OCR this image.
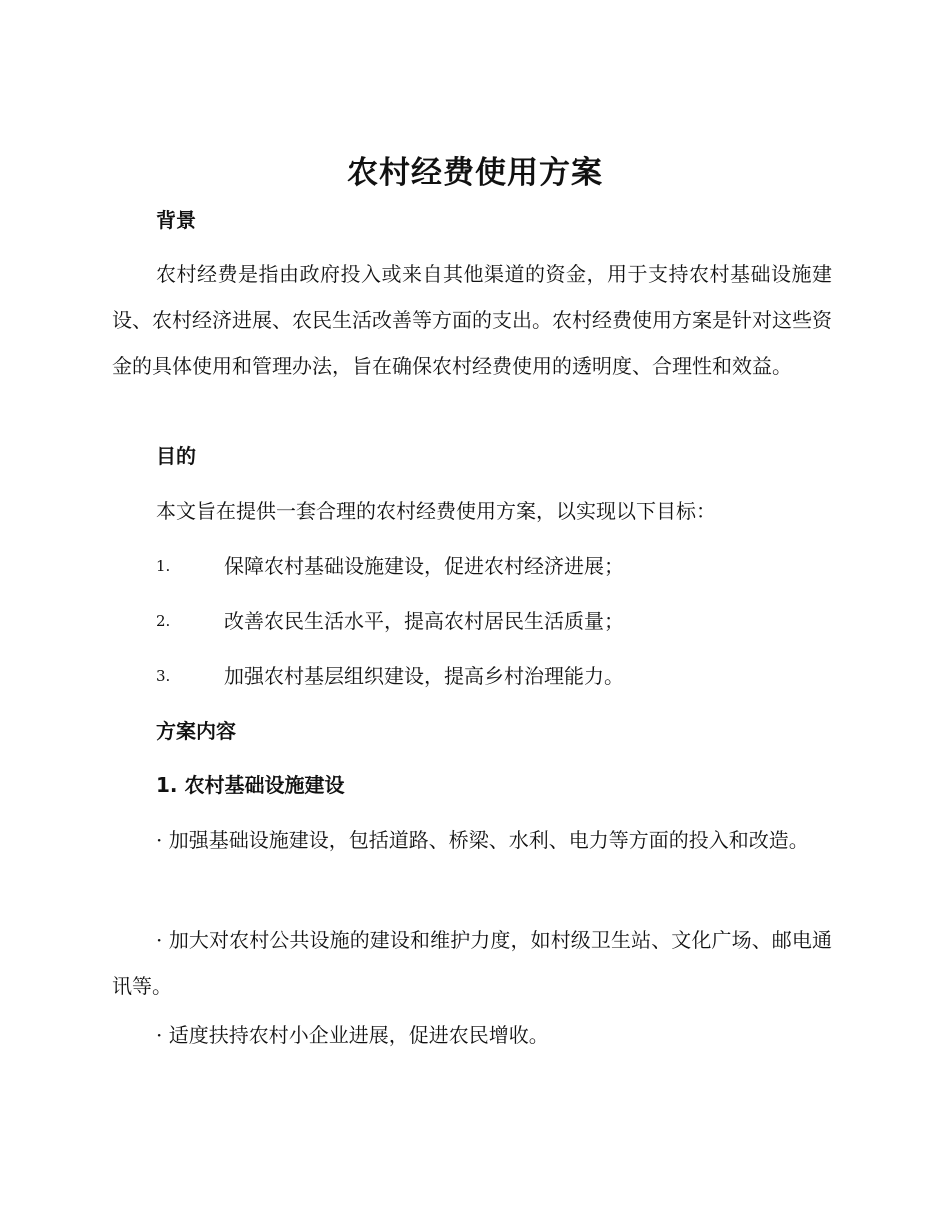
农村经费使用方案
背景

农村经费是指由政府投入或来自其他渠道的资金，用于支持农村基础设施建设、农村经济进展、农民生活改善等方面的支出。农村经费使用方案是针对这些资金的具体使用和管理办法，旨在确保农村经费使用的透明度、合理性和效益。

目的
本文旨在提供一套合理的农村经费使用方案，以实现以下目标：
1.	保障农村基础设施建设，促进农村经济进展；
2.	改善农民生活水平，提高农村居民生活质量；
3.	加强农村基层组织建设，提高乡村治理能力。
方案内容
1. 农村基础设施建设

· 加强基础设施建设，包括道路、桥梁、水利、电力等方面的投入和改造。

· 加大对农村公共设施的建设和维护力度，如村级卫生站、文化广场、邮电通讯等。

· 适度扶持农村小企业进展，促进农民增收。
